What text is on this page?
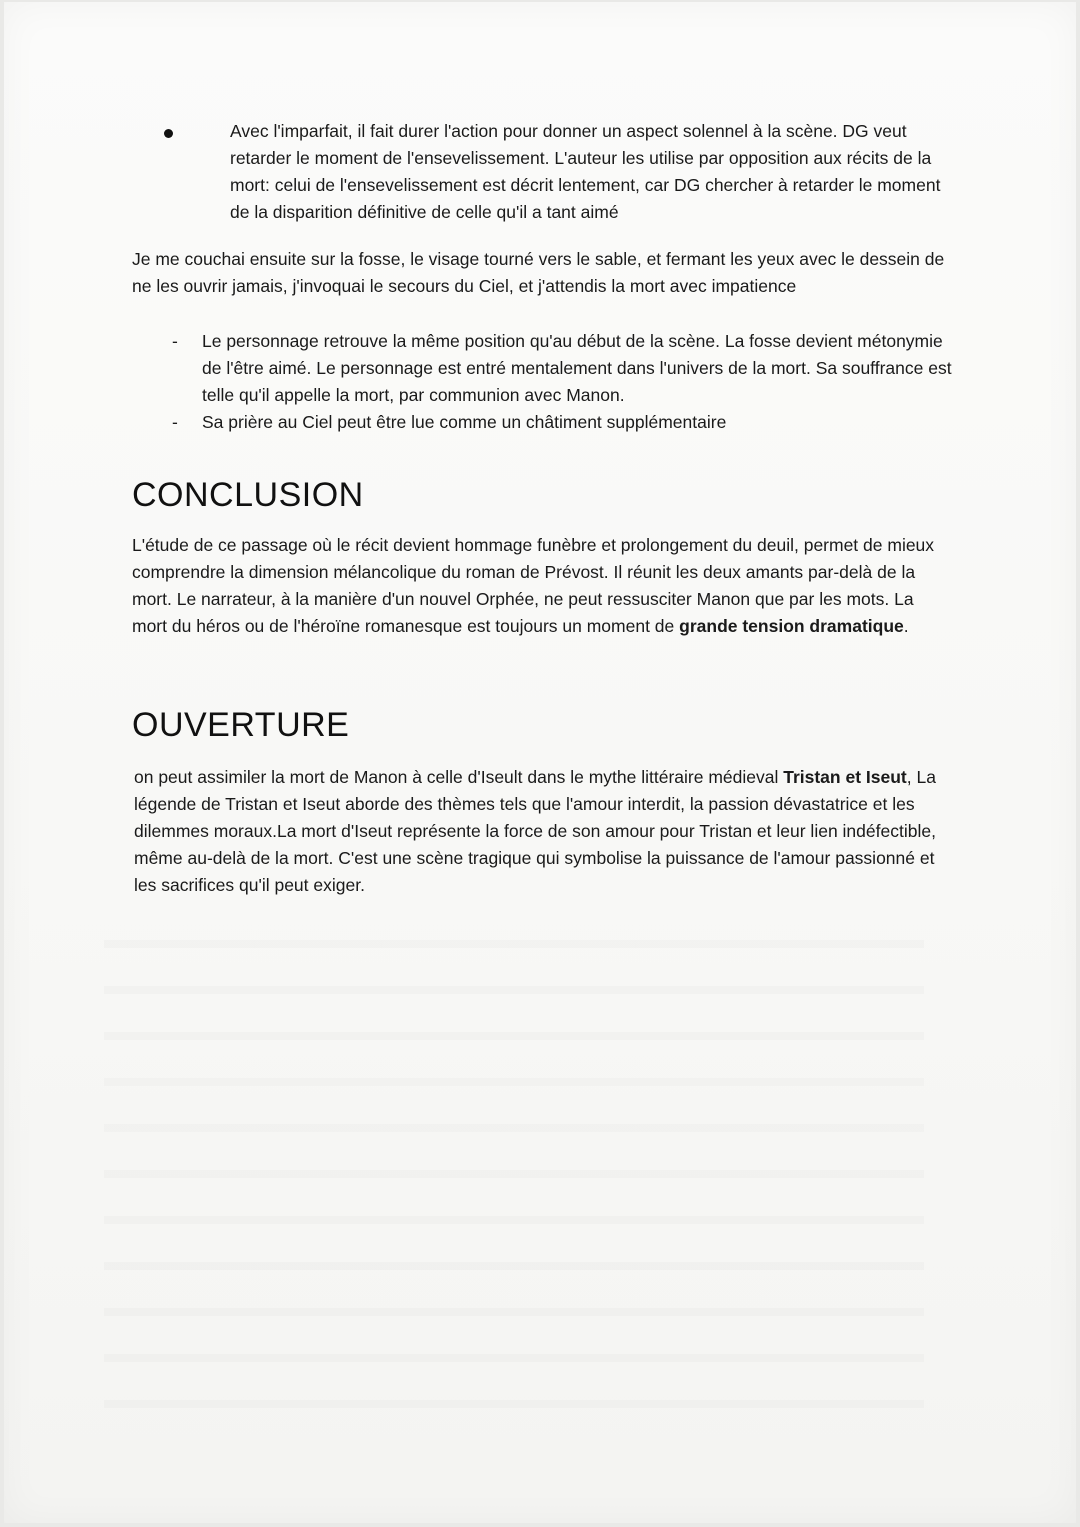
Avec l'imparfait, il fait durer l'action pour donner un aspect solennel à la scène. DG veut retarder le moment de l'ensevelissement. L'auteur les utilise par opposition aux récits de la mort: celui de l'ensevelissement est décrit lentement, car DG chercher à retarder le moment de la disparition définitive de celle qu'il a tant aimé

Je me couchai ensuite sur la fosse, le visage tourné vers le sable, et fermant les yeux avec le dessein de ne les ouvrir jamais, j'invoquai le secours du Ciel, et j'attendis la mort avec impatience

-	Le personnage retrouve la même position qu'au début de la scène. La fosse devient métonymie de l'être aimé. Le personnage est entré mentalement dans l'univers de la mort. Sa souffrance est telle qu'il appelle la mort, par communion avec Manon.
-	Sa prière au Ciel peut être lue comme un châtiment supplémentaire
CONCLUSION

L'étude de ce passage où le récit devient hommage funèbre et prolongement du deuil, permet de mieux comprendre la dimension mélancolique du roman de Prévost. Il réunit les deux amants par-delà de la mort. Le narrateur, à la manière d'un nouvel Orphée, ne peut ressusciter Manon que par les mots. La mort du héros ou de l'héroïne romanesque est toujours un moment de grande tension dramatique.

OUVERTURE

on peut assimiler la mort de Manon à celle d'Iseult dans le mythe littéraire médieval Tristan et Iseut, La légende de Tristan et Iseut aborde des thèmes tels que l'amour interdit, la passion dévastatrice et les dilemmes moraux.La mort d'Iseut représente la force de son amour pour Tristan et leur lien indéfectible, même au-delà de la mort. C'est une scène tragique qui symbolise la puissance de l'amour passionné et les sacrifices qu'il peut exiger.
